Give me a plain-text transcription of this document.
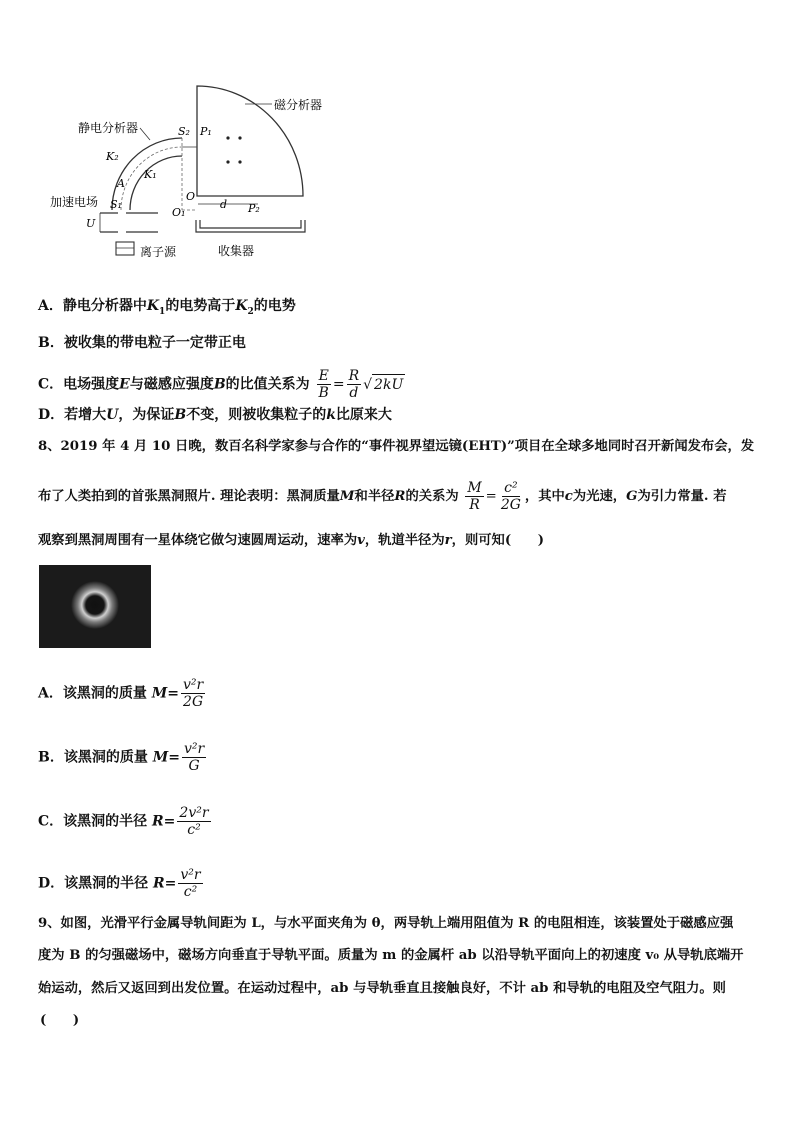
磁分析器
静电分析器	S₂ P₁
K₂
K₁
A
O
O₁
加速电场 S₁
U
离子源
d P₂
收集器
A．静电分析器中$K_1$的电势高于$K_2$的电势
B．被收集的带电粒子一定带正电
C．电场强度E与磁感应强度B的比值关系为 $\frac{E}{B} = \frac{R}{d}$ √ 2kU
D．若增大U，为保证B不变，则被收集粒子的k比原来大
8、2019 年 4 月 10 日晚，数百名科学家参与合作的“事件视界望远镜(EHT)”项目在全球多地同时召开新闻发布会，发
布了人类拍到的首张黑洞照片. 理论表明：黑洞质量M和半径R的关系为 $\frac{M}{R} = \frac{\text{c²}}{2G}$ ，其中c为光速，G为引力常量. 若
观察到黑洞周围有一星体绕它做匀速圆周运动，速率为v，轨道半径为r，则可知(　　)
A．该黑洞的质量 $M= \frac{\text{v²r}}{2G}$
B．该黑洞的质量 $M= \frac{\text{v²r}}{G}$
C．该黑洞的半径 $R= \frac{\text{2v²r}}{\text{c²}}$
D．该黑洞的半径 $R= \frac{\text{v²r}}{\text{c²}}$
9、如图，光滑平行金属导轨间距为 L，与水平面夹角为 θ，两导轨上端用阻值为 R 的电阻相连，该装置处于磁感应强
度为 B 的匀强磁场中，磁场方向垂直于导轨平面。质量为 m 的金属杆 ab 以沿导轨平面向上的初速度 v₀ 从导轨底端开
始运动，然后又返回到出发位置。在运动过程中，ab 与导轨垂直且接触良好，不计 ab 和导轨的电阻及空气阻力。则
(　　)
